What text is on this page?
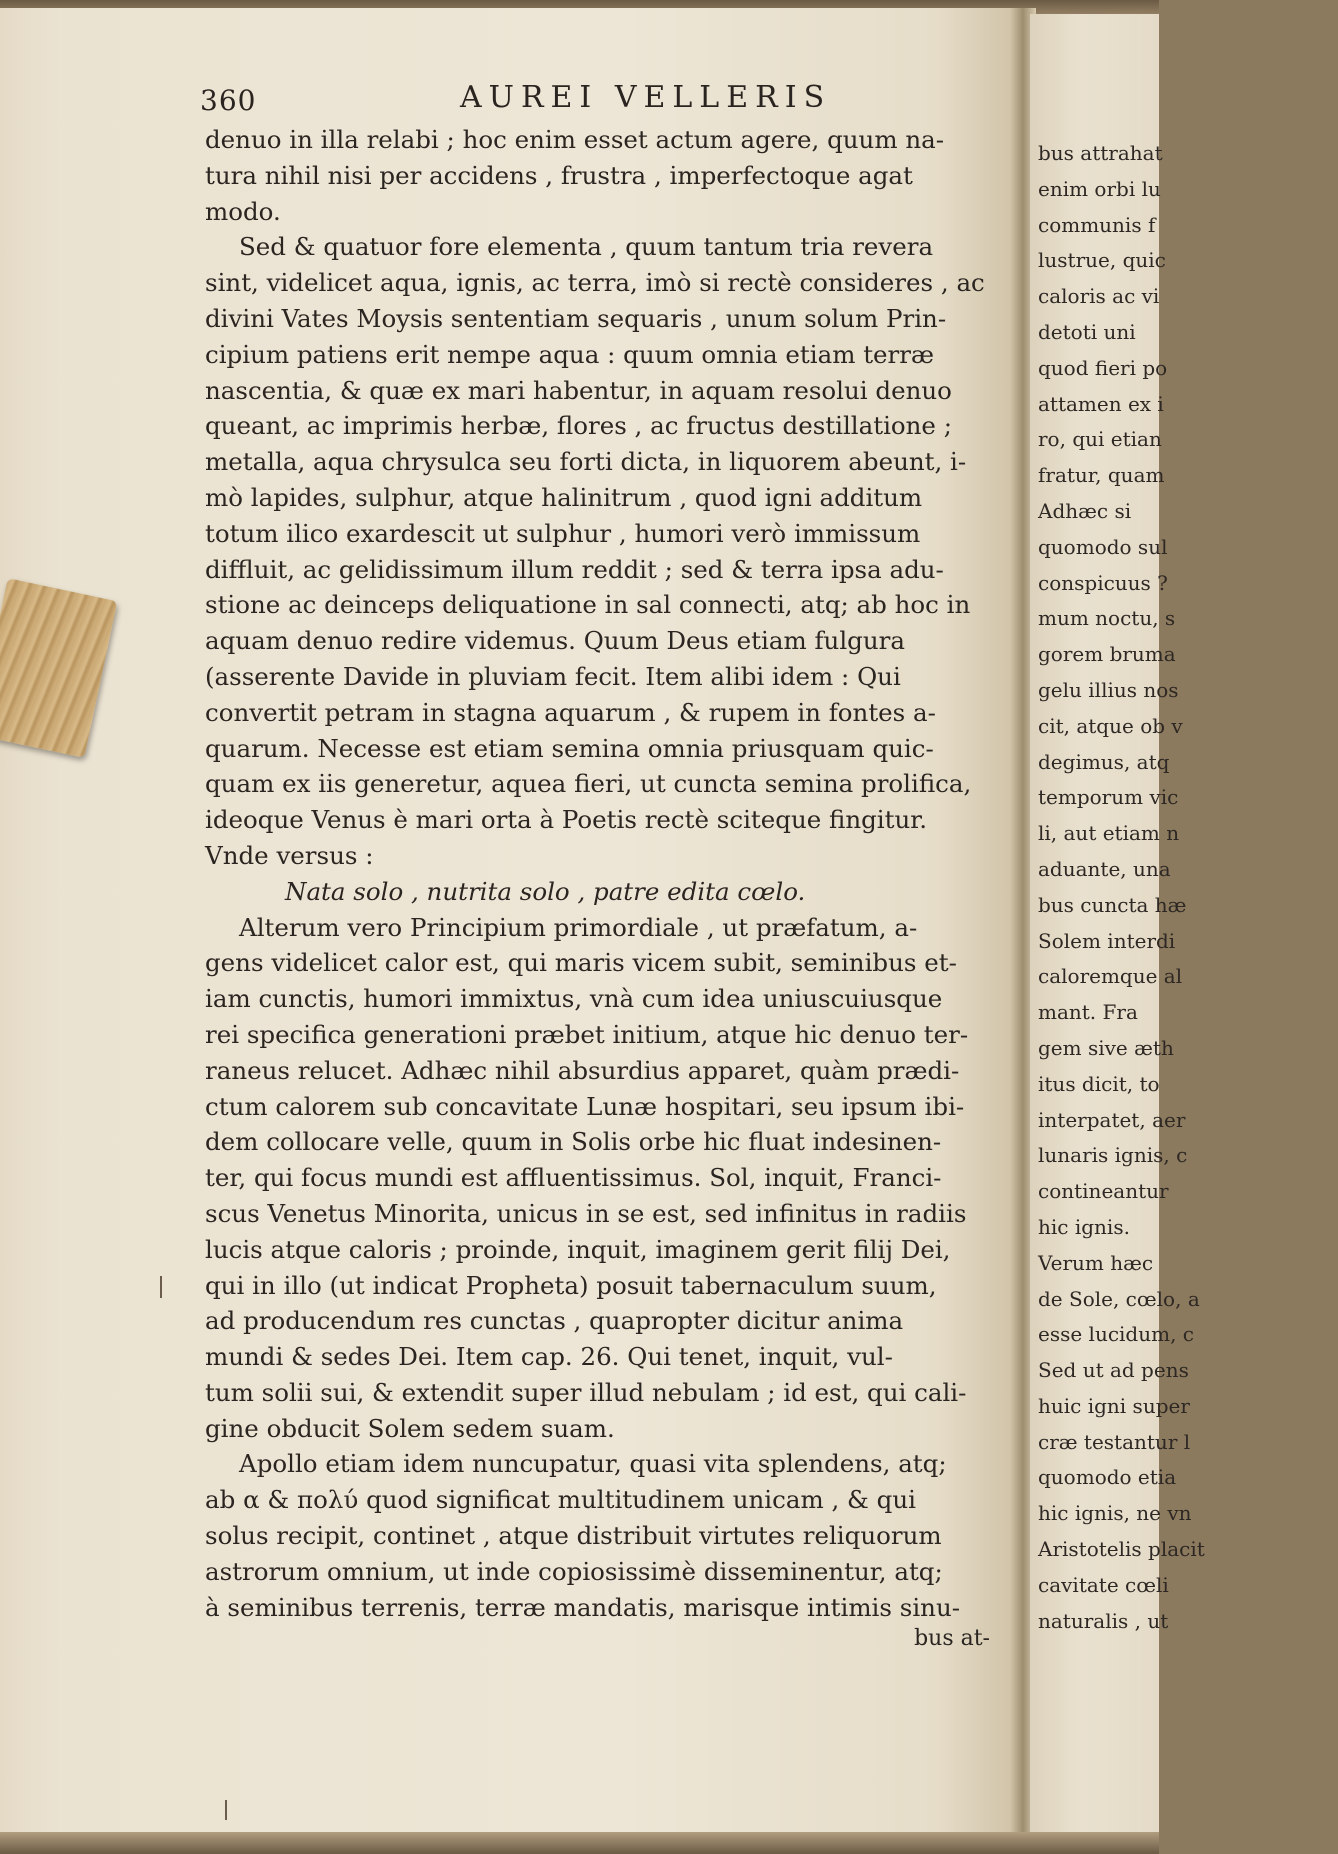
bus attrahat
enim orbi lu
communis f
lustrue, quic
caloris ac vi
detoti uni
quod fieri po
attamen ex i
ro, qui etian
fratur, quam
Adhæc si
quomodo sul
conspicuus ?
mum noctu, s
gorem bruma
gelu illius nos
cit, atque ob v
degimus, atq
temporum vic
li, aut etiam n
aduante, una
bus cuncta hæ
Solem interdi
caloremque al
mant. Fra
gem sive æth
itus dicit, to
interpatet, aer
lunaris ignis, c
contineantur
hic ignis.
Verum hæc
de Sole, cœlo, a
esse lucidum, c
Sed ut ad pens
huic igni super
cræ testantur l
quomodo etia
hic ignis, ne vn
Aristotelis placit
cavitate cœli
naturalis , ut
360	AUREI VELLERIS
denuo in illa relabi ; hoc enim esset actum agere, quum na-
tura nihil nisi per accidens , frustra , imperfectoque agat
modo.
Sed & quatuor fore elementa , quum tantum tria revera
sint, videlicet aqua, ignis, ac terra, imò si rectè consideres , ac
divini Vates Moysis sententiam sequaris , unum solum Prin-
cipium patiens erit nempe aqua : quum omnia etiam terræ
nascentia, & quæ ex mari habentur, in aquam resolui denuo
queant, ac imprimis herbæ, flores , ac fructus destillatione ;
metalla, aqua chrysulca seu forti dicta, in liquorem abeunt, i-
mò lapides, sulphur, atque halinitrum , quod igni additum
totum ilico exardescit ut sulphur , humori verò immissum
diffluit, ac gelidissimum illum reddit ; sed & terra ipsa adu-
stione ac deinceps deliquatione in sal connecti, atq; ab hoc in
aquam denuo redire videmus. Quum Deus etiam fulgura
(asserente Davide in pluviam fecit. Item alibi idem : Qui
convertit petram in stagna aquarum , & rupem in fontes a-
quarum. Necesse est etiam semina omnia priusquam quic-
quam ex iis generetur, aquea fieri, ut cuncta semina prolifica,
ideoque Venus è mari orta à Poetis rectè sciteque fingitur.
Vnde versus :
Nata solo , nutrita solo , patre edita cœlo.
Alterum vero Principium primordiale , ut præfatum, a-
gens videlicet calor est, qui maris vicem subit, seminibus et-
iam cunctis, humori immixtus, vnà cum idea uniuscuiusque
rei specifica generationi præbet initium, atque hic denuo ter-
raneus relucet. Adhæc nihil absurdius apparet, quàm prædi-
ctum calorem sub concavitate Lunæ hospitari, seu ipsum ibi-
dem collocare velle, quum in Solis orbe hic fluat indesinen-
ter, qui focus mundi est affluentissimus. Sol, inquit, Franci-
scus Venetus Minorita, unicus in se est, sed infinitus in radiis
lucis atque caloris ; proinde, inquit, imaginem gerit filij Dei,
qui in illo (ut indicat Propheta) posuit tabernaculum suum,
ad producendum res cunctas , quapropter dicitur anima
mundi & sedes Dei. Item cap. 26. Qui tenet, inquit, vul-
tum solii sui, & extendit super illud nebulam ; id est, qui cali-
gine obducit Solem sedem suam.
Apollo etiam idem nuncupatur, quasi vita splendens, atq;
ab α & πολύ quod significat multitudinem unicam , & qui
solus recipit, continet , atque distribuit virtutes reliquorum
astrorum omnium, ut inde copiosissimè disseminentur, atq;
à seminibus terrenis, terræ mandatis, marisque intimis sinu-
bus at-
